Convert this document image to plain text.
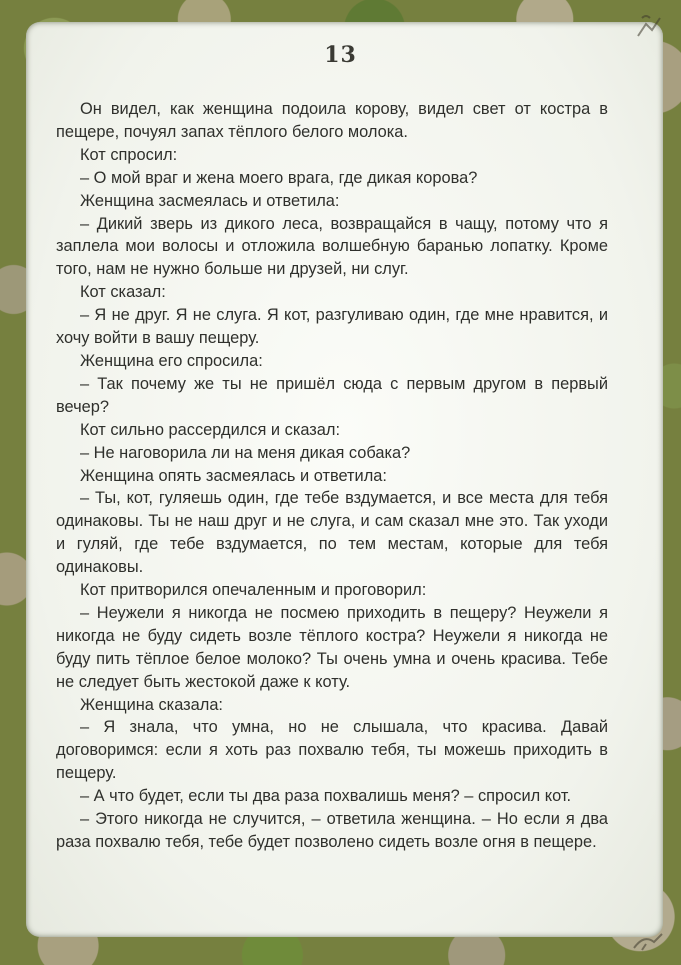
13

Он видел, как женщина подоила корову, видел свет от костра в пещере, почуял запах тёплого белого молока.

Кот спросил:

– О мой враг и жена моего врага, где дикая корова?

Женщина засмеялась и ответила:

– Дикий зверь из дикого леса, возвращайся в чащу, потому что я заплела мои волосы и отложила волшебную баранью лопатку. Кроме того, нам не нужно больше ни друзей, ни слуг.

Кот сказал:

– Я не друг. Я не слуга. Я кот, разгуливаю один, где мне нравится, и хочу войти в вашу пещеру.

Женщина его спросила:

– Так почему же ты не пришёл сюда с первым другом в первый вечер?

Кот сильно рассердился и сказал:

– Не наговорила ли на меня дикая собака?

Женщина опять засмеялась и ответила:

– Ты, кот, гуляешь один, где тебе вздумается, и все места для тебя одинаковы. Ты не наш друг и не слуга, и сам сказал мне это. Так уходи и гуляй, где тебе вздумается, по тем местам, которые для тебя одинаковы.

Кот притворился опечаленным и проговорил:

– Неужели я никогда не посмею приходить в пещеру? Неужели я никогда не буду сидеть возле тёплого костра? Неужели я никогда не буду пить тёплое белое молоко? Ты очень умна и очень красива. Тебе не следует быть жестокой даже к коту.

Женщина сказала:

– Я знала, что умна, но не слышала, что красива. Давай договоримся: если я хоть раз похвалю тебя, ты можешь приходить в пещеру.

– А что будет, если ты два раза похвалишь меня? – спросил кот.

– Этого никогда не случится, – ответила женщина. – Но если я два раза похвалю тебя, тебе будет позволено сидеть возле огня в пещере.
